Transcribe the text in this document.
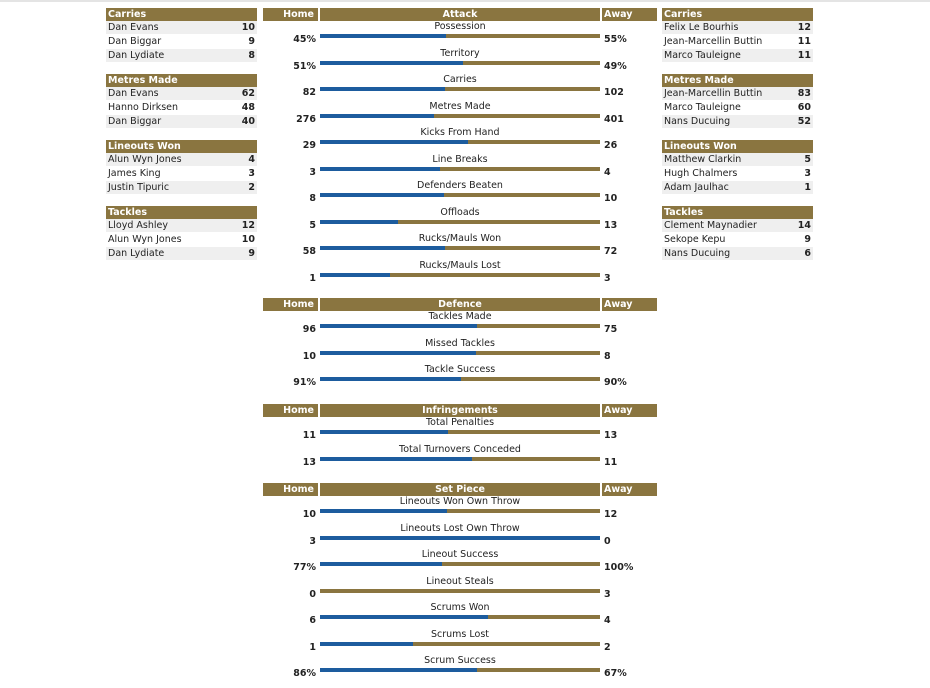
Carries
Dan Evans	10
Dan Biggar	9
Dan Lydiate	8
Metres Made
Dan Evans	62
Hanno Dirksen	48
Dan Biggar	40
Lineouts Won
Alun Wyn Jones	4
James King	3
Justin Tipuric	2
Tackles
Lloyd Ashley	12
Alun Wyn Jones	10
Dan Lydiate	9
Carries
Felix Le Bourhis	12
Jean-Marcellin Buttin	11
Marco Tauleigne	11
Metres Made
Jean-Marcellin Buttin	83
Marco Tauleigne	60
Nans Ducuing	52
Lineouts Won
Matthew Clarkin	5
Hugh Chalmers	3
Adam Jaulhac	1
Tackles
Clement Maynadier	14
Sekope Kepu	9
Nans Ducuing	6
Home	Attack	Away
Possession
45%	55%
Territory
51%	49%
Carries
82	102
Metres Made
276	401
Kicks From Hand
29	26
Line Breaks
3	4
Defenders Beaten
8	10
Offloads
5	13
Rucks/Mauls Won
58	72
Rucks/Mauls Lost
1	3
Home	Defence	Away
Tackles Made
96	75
Missed Tackles
10	8
Tackle Success
91%	90%
Home	Infringements	Away
Total Penalties
11	13
Total Turnovers Conceded
13	11
Home	Set Piece	Away
Lineouts Won Own Throw
10	12
Lineouts Lost Own Throw
3	0
Lineout Success
77%	100%
Lineout Steals
0	3
Scrums Won
6	4
Scrums Lost
1	2
Scrum Success
86%	67%
